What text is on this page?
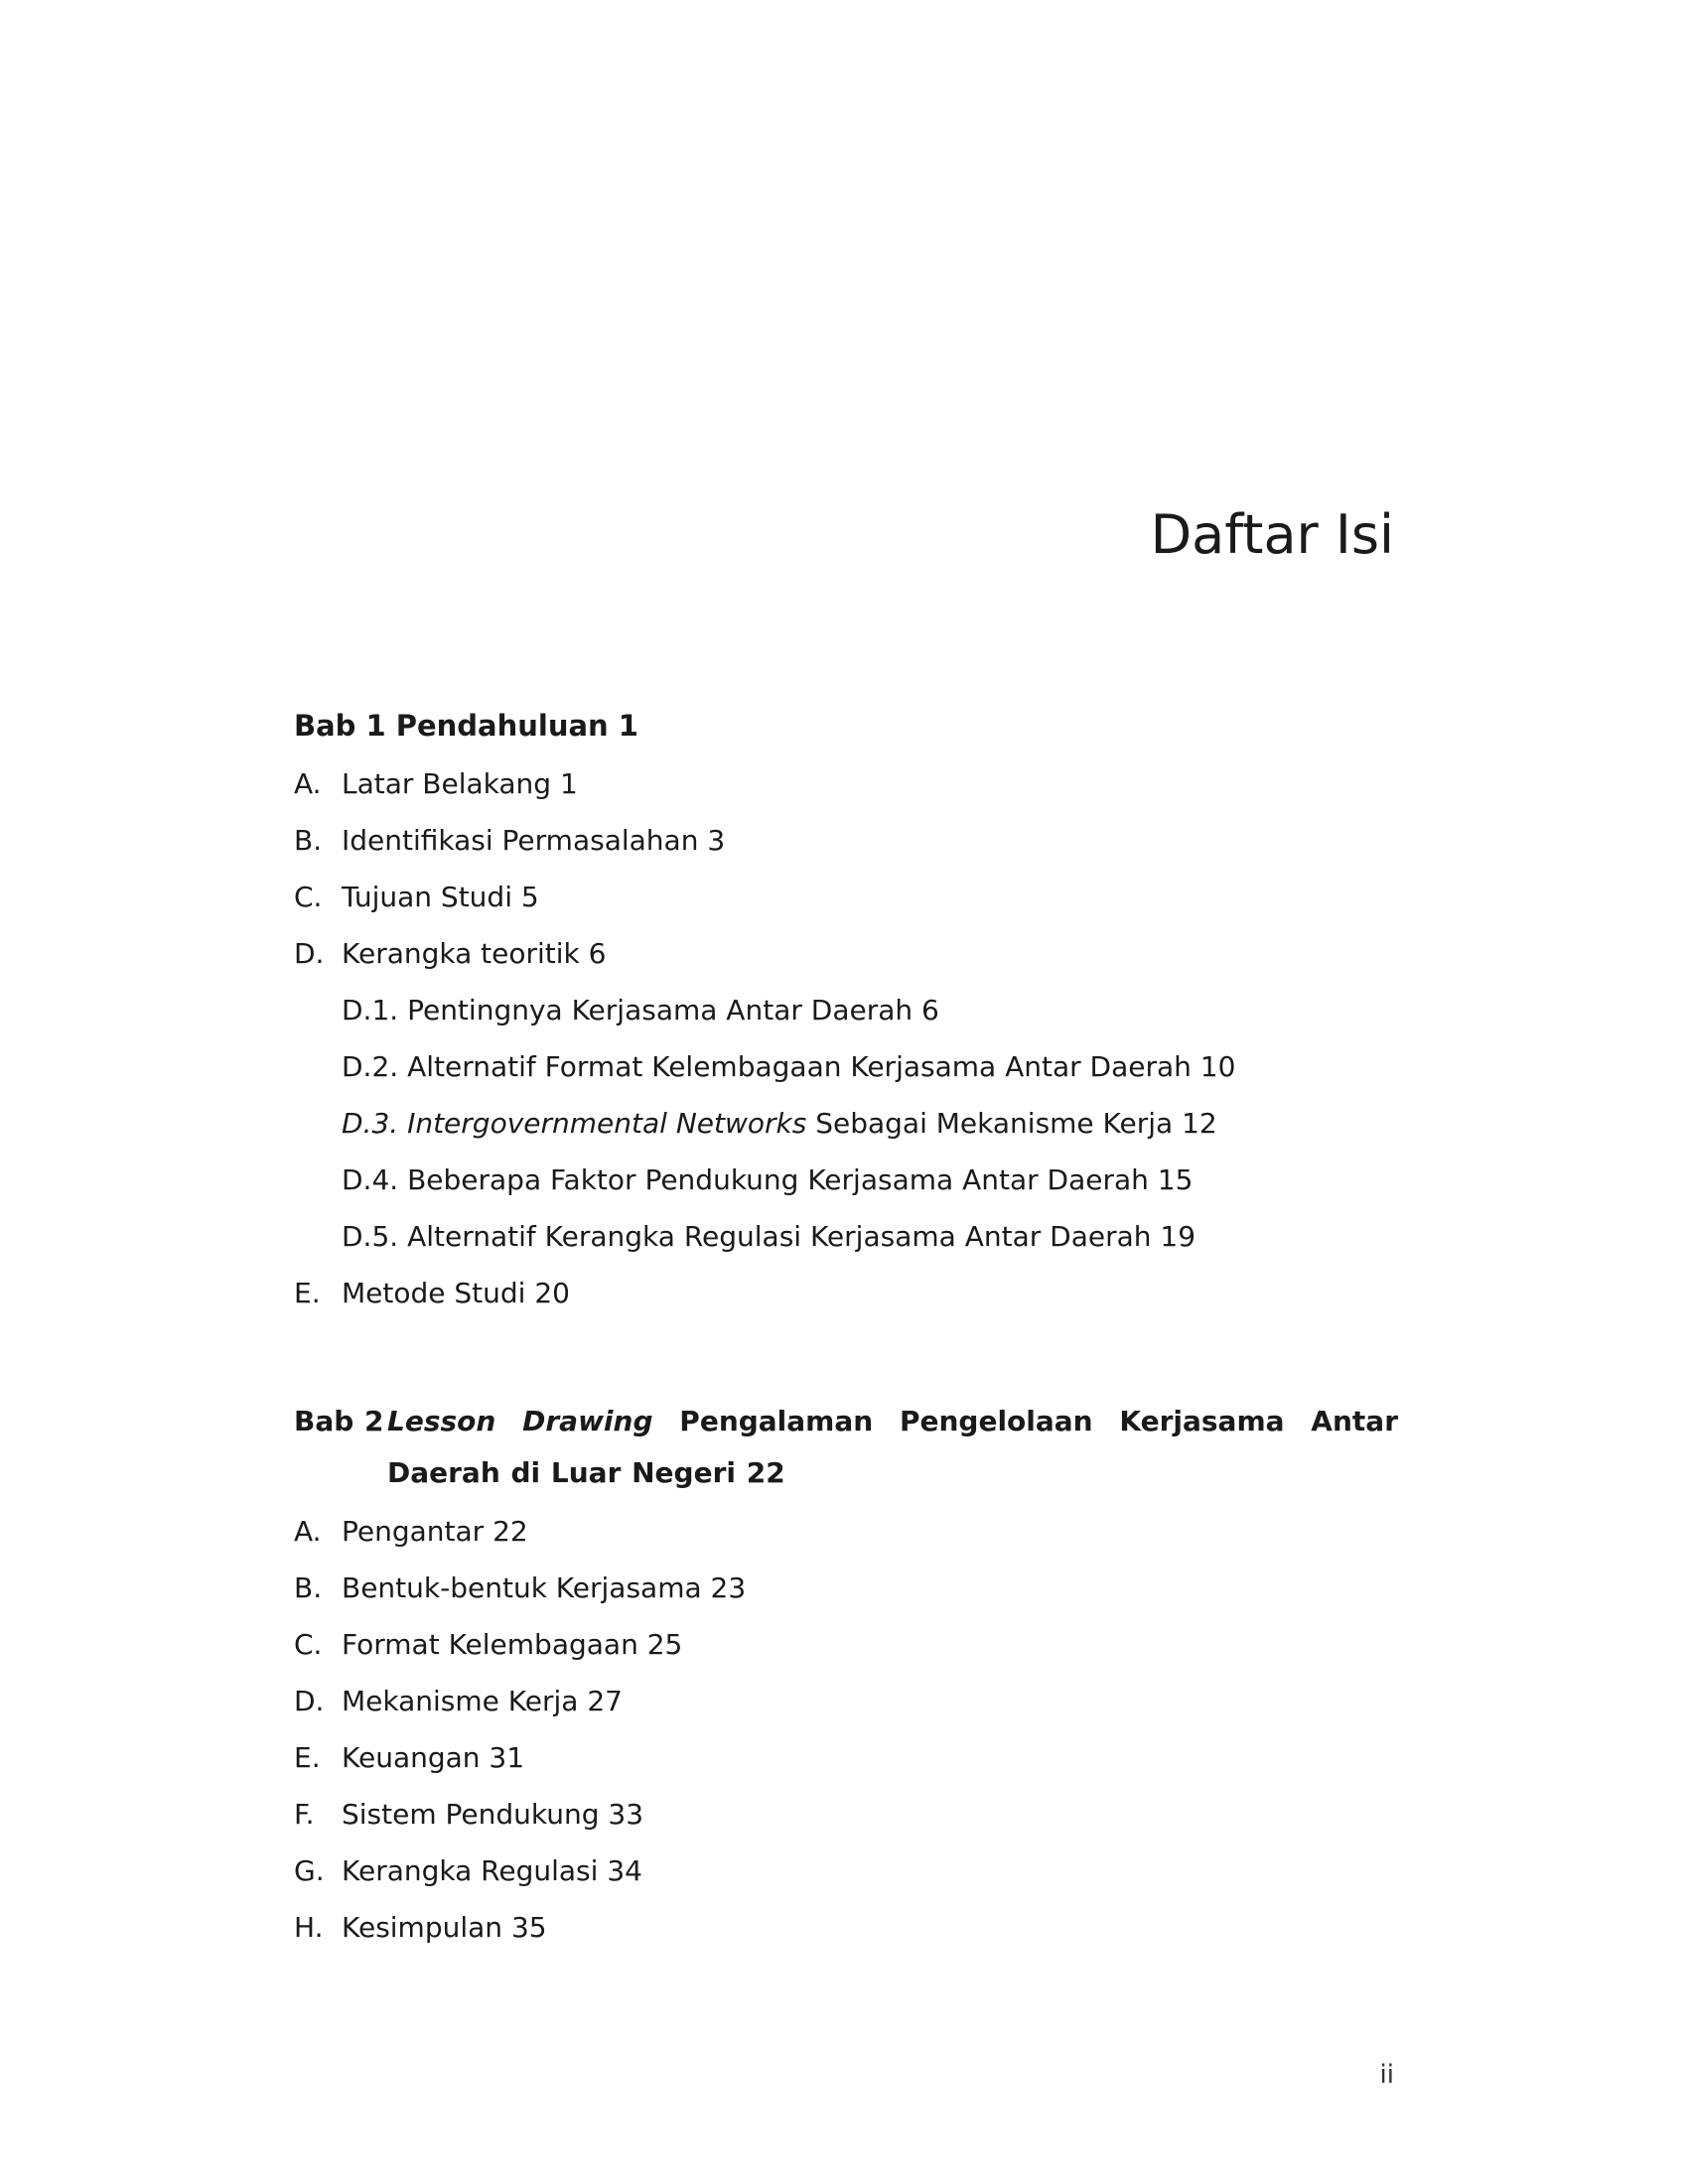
Daftar Isi
Bab 1 Pendahuluan 1
A. Latar Belakang 1
B. Identifikasi Permasalahan 3
C. Tujuan Studi 5
D. Kerangka teoritik 6
D.1. Pentingnya Kerjasama Antar Daerah 6
D.2. Alternatif Format Kelembagaan Kerjasama Antar Daerah 10
D.3. Intergovernmental Networks Sebagai Mekanisme Kerja 12
D.4. Beberapa Faktor Pendukung Kerjasama Antar Daerah 15
D.5. Alternatif Kerangka Regulasi Kerjasama Antar Daerah 19
E. Metode Studi 20
Bab 2 Lesson Drawing Pengalaman Pengelolaan Kerjasama Antar Daerah di Luar Negeri 22
A. Pengantar 22
B. Bentuk-bentuk Kerjasama 23
C. Format Kelembagaan 25
D. Mekanisme Kerja 27
E. Keuangan 31
F. Sistem Pendukung 33
G. Kerangka Regulasi 34
H. Kesimpulan 35
ii
